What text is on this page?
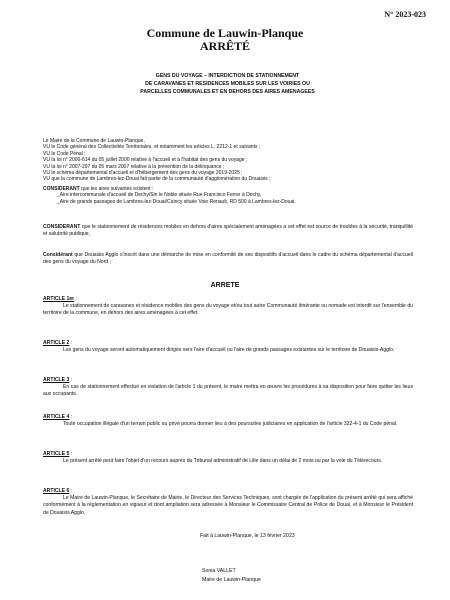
N° 2023-023
Commune de Lauwin-Planque
ARRÊTÉ
GENS DU VOYAGE – INTERDICTION DE STATIONNEMENT
DE CARAVANES ET RESIDENCES MOBILES SUR LES VOIRIES OU
PARCELLES COMMUNALES ET EN DEHORS DES AIRES AMENAGEES
Le Maire de la Commune de Lauwin-Planque,
VU le Code général des Collectivités Territoriales, et notamment les articles L. 2212-1 et suivants ;
VU le Code Pénal ;
VU la loi n° 2000-614 du 05 juillet 2000 relative à l'accueil et à l'habitat des gens du voyage ;
VU la loi n° 2007-297 du 05 mars 2007 relative à la prévention de la délinquance ;
VU le schéma départemental d'accueil et d'hébergement des gens du voyage 2019-2025 ;
VU que la commune de Lambres-lez-Douai fait partie de la communauté d'agglomération du Douaisis ;
CONSIDERANT que les aires suivantes existent :
_Aire intercommunale d'accueil de Dechy/Sin le Noble située Rue Francisco Ferrer à Dechy,
_Aire de grands passages de Lambres-lez-Douai/Cuincy située Voie Renault, RD 500 à Lambres-lez-Douai.
CONSIDERANT que le stationnement de résidences mobiles en dehors d'aires spécialement aménagées a cet effet est source de troubles à la sécurité, tranquillité et salubrité publique,
Considérant que Douaisis Agglo s'inscrit dans une démarche de mise en conformité de ses dispositifs d'accueil dans le cadre du schéma départemental d'accueil des gens du voyage du Nord ;
ARRETE
ARTICLE 1er :
Le stationnement de caravanes et résidence mobiles des gens du voyage et/ou tout autre Communauté itinérante ou nomade est interdit sur l'ensemble du territoire de la commune, en dehors des aires aménagées à cet effet.
ARTICLE 2 :
Les gens du voyage seront automatiquement dirigés vers l'aire d'accueil ou l'aire de grands passages existantes sur le territoire de Douaisis-Agglo.
ARTICLE 3 :
En cas de stationnement effectué en violation de l'article 1 du présent, le maire mettra en œuvre les procédures à sa disposition pour faire quitter les lieux aux occupants.
ARTICLE 4 :
Toute occupation illégale d'un terrain public ou privé pourra donner lieu à des poursuites judiciaires en application de l'article 322-4-1 du Code pénal.
ARTICLE 5 :
Le présent arrêté peut faire l'objet d'un recours auprès du Tribunal administratif de Lille dans un délai de 2 mois ou par la voie du Télérecours.
ARTICLE 6 :
Le Maire de Lauwin-Planque, le Secrétaire de Mairie, le Directeur des Services Techniques, sont chargés de l'application du présent arrêté qui sera affiché conformément à la réglementation en vigueur et dont ampliation sera adressée à Monsieur le Commissaire Central de Police de Douai, et à Monsieur le Président de Douaisis Agglo.
Fait à Lauwin-Planque, le 13 février 2023
Sonia VALLET
Maire de Lauwin-Planque
